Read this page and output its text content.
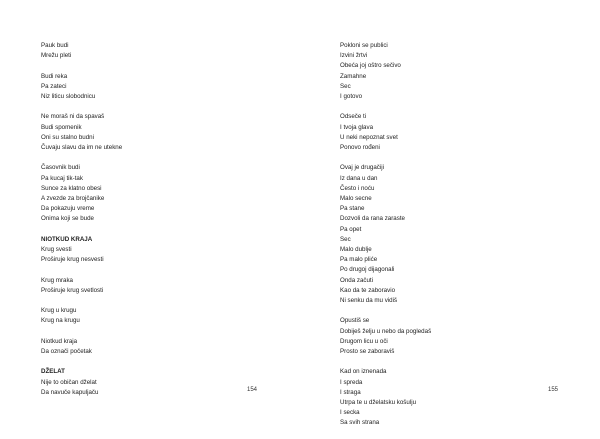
Pauk budi
Mrežu pleti
Budi reka
Pa zateci
Niz liticu slobodnicu
Ne moraš ni da spavaš
Budi spomenik
Oni su stalno budni
Čuvaju slavu da im ne utekne
Časovnik budi
Pa kucaj tik-tak
Sunce za klatno obesi
A zvezde za brojčanike
Da pokazuju vreme
Onima koji se bude
NIOTKUD KRAJA
Krug svesti
Proširuje krug nesvesti
Krug mraka
Proširuje krug svetlosti
Krug u krugu
Krug na krugu
Niotkud kraja
Da označi početak
DŽELAT
Nije to običan dželat
Da navuče kapuljaču	154
Pokloni se publici
Izvini žrtvi
Obeća joj oštro sečivo
Zamahne
Sec
I gotovo
Odseče ti
I tvoja glava
U neki nepoznat svet
Ponovo rođeni
Ovaj je drugačiji
Iz dana u dan
Često i noću
Malo secne
Pa stane
Dozvoli da rana zaraste
Pa opet
Sec
Malo dublje
Pa malo pliće
Po drugoj dijagonali
Onda začuti
Kao da te zaboravio
Ni senku da mu vidiš
Opustiš se
Dobiješ želju u nebo da pogledaš
Drugom licu u oči
Prosto se zaboraviš
Kad on iznenada
I spreda
I straga
Utrpa te u dželatsku košulju
I secka
Sa svih strana
155
